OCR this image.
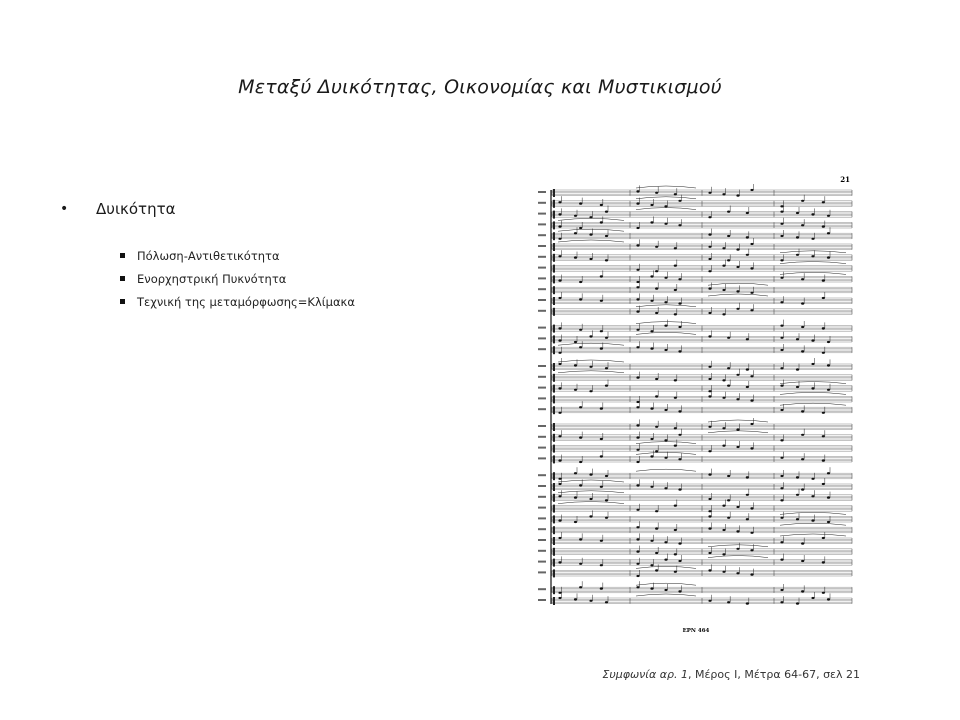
Μεταξύ Δυικότητας, Οικονομίας και Μυστικισμού
•	Δυικότητα
Πόλωση-Αντιθετικότητα
Ενορχηστρική Πυκνότητα
Τεχνική της μεταμόρφωσης=Κλίμακα
21
EPN 464
Συμφωνία αρ. 1, Μέρος Ι, Μέτρα 64-67, σελ 21
